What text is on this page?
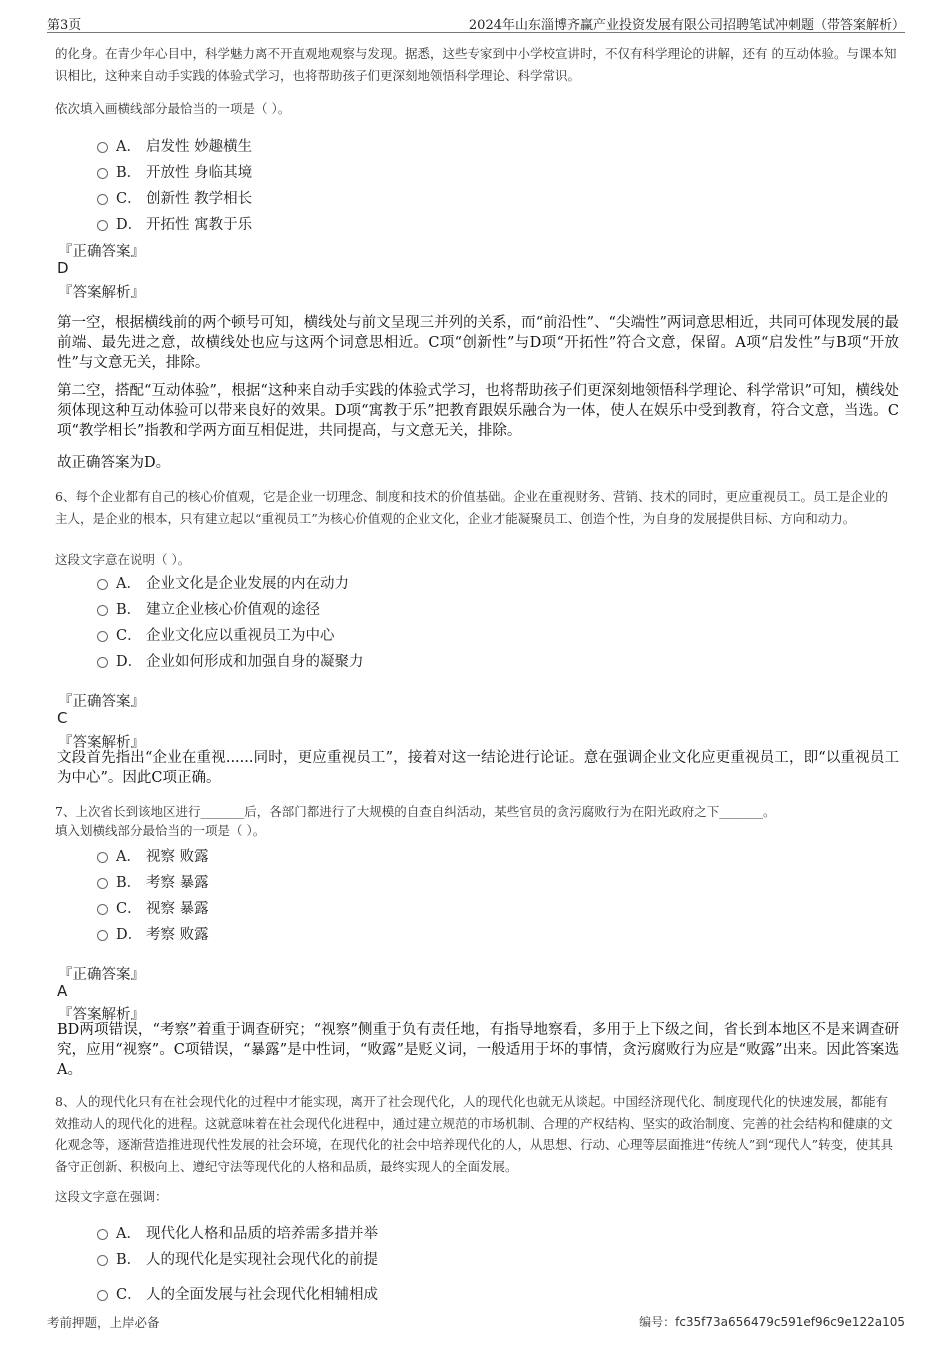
第3页	2024年山东淄博齐赢产业投资发展有限公司招聘笔试冲刺题（带答案解析）
的化身。在青少年心目中，科学魅力离不开直观地观察与发现。据悉，这些专家到中小学校宣讲时，不仅有科学理论的讲解，还有 的互动体验。与课本知识相比，这种来自动手实践的体验式学习，也将帮助孩子们更深刻地领悟科学理论、科学常识。
依次填入画横线部分最恰当的一项是（ ）。
A． 启发性 妙趣横生
B． 开放性 身临其境
C． 创新性 教学相长
D． 开拓性 寓教于乐
『正确答案』
D
『答案解析』
第一空，根据横线前的两个顿号可知，横线处与前文呈现三并列的关系，而“前沿性”、“尖端性”两词意思相近，共同可体现发展的最前端、最先进之意，故横线处也应与这两个词意思相近。C项“创新性”与D项“开拓性”符合文意，保留。A项“启发性”与B项“开放性”与文意无关，排除。
第二空，搭配“互动体验”，根据“这种来自动手实践的体验式学习，也将帮助孩子们更深刻地领悟科学理论、科学常识”可知，横线处须体现这种互动体验可以带来良好的效果。D项“寓教于乐”把教育跟娱乐融合为一体，使人在娱乐中受到教育，符合文意，当选。C项“教学相长”指教和学两方面互相促进，共同提高，与文意无关，排除。
故正确答案为D。
6、每个企业都有自己的核心价值观，它是企业一切理念、制度和技术的价值基础。企业在重视财务、营销、技术的同时，更应重视员工。员工是企业的主人，是企业的根本，只有建立起以“重视员工”为核心价值观的企业文化，企业才能凝聚员工、创造个性，为自身的发展提供目标、方向和动力。
这段文字意在说明（ ）。
A． 企业文化是企业发展的内在动力
B． 建立企业核心价值观的途径
C． 企业文化应以重视员工为中心
D． 企业如何形成和加强自身的凝聚力
『正确答案』
C
『答案解析』
文段首先指出“企业在重视......同时，更应重视员工”，接着对这一结论进行论证。意在强调企业文化应更重视员工，即“以重视员工为中心”。因此C项正确。
7、上次省长到该地区进行_______后，各部门都进行了大规模的自查自纠活动，某些官员的贪污腐败行为在阳光政府之下_______。
填入划横线部分最恰当的一项是（ ）。
A． 视察 败露
B． 考察 暴露
C． 视察 暴露
D． 考察 败露
『正确答案』
A
『答案解析』
BD两项错误，“考察”着重于调查研究；“视察”侧重于负有责任地，有指导地察看，多用于上下级之间，省长到本地区不是来调查研究，应用“视察”。C项错误，“暴露”是中性词，“败露”是贬义词，一般适用于坏的事情，贪污腐败行为应是“败露”出来。因此答案选A。
8、人的现代化只有在社会现代化的过程中才能实现，离开了社会现代化，人的现代化也就无从谈起。中国经济现代化、制度现代化的快速发展，都能有效推动人的现代化的进程。这就意味着在社会现代化进程中，通过建立规范的市场机制、合理的产权结构、坚实的政治制度、完善的社会结构和健康的文化观念等，逐渐营造推进现代性发展的社会环境，在现代化的社会中培养现代化的人，从思想、行动、心理等层面推进“传统人”到“现代人”转变，使其具备守正创新、积极向上、遵纪守法等现代化的人格和品质，最终实现人的全面发展。
这段文字意在强调：
A． 现代化人格和品质的培养需多措并举
B． 人的现代化是实现社会现代化的前提
C． 人的全面发展与社会现代化相辅相成
考前押题，上岸必备	编号：fc35f73a656479c591ef96c9e122a105
